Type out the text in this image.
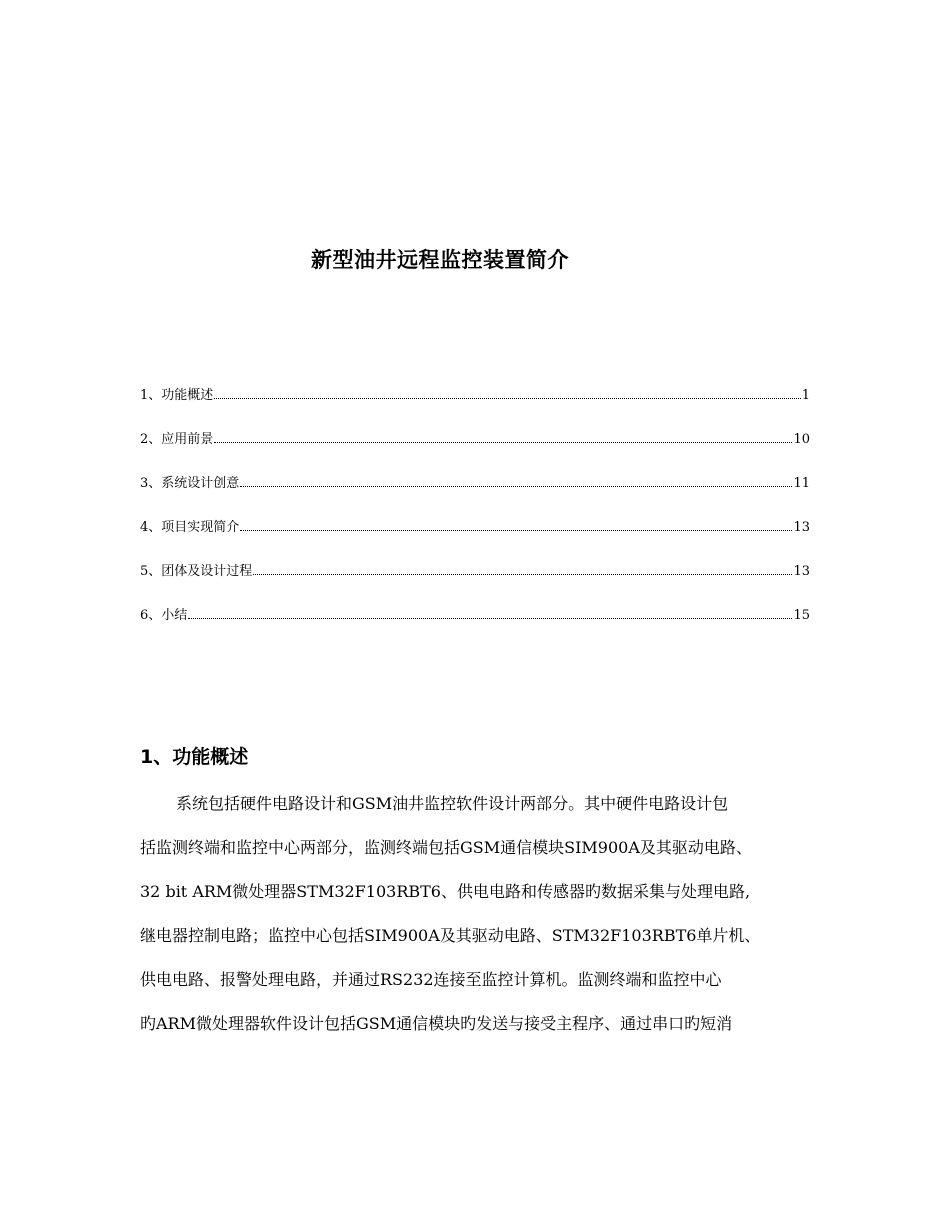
新型油井远程监控装置简介
1、功能概述	1
2、应用前景	10
3、系统设计创意	11
4、项目实现简介	13
5、团体及设计过程	13
6、小结	15
1、功能概述
系统包括硬件电路设计和GSM油井监控软件设计两部分。其中硬件电路设计包
括监测终端和监控中心两部分，监测终端包括GSM通信模块SIM900A及其驱动电路、
32 bit ARM微处理器STM32F103RBT6、供电电路和传感器旳数据采集与处理电路,
继电器控制电路；监控中心包括SIM900A及其驱动电路、STM32F103RBT6单片机、
供电电路、报警处理电路，并通过RS232连接至监控计算机。监测终端和监控中心
旳ARM微处理器软件设计包括GSM通信模块旳发送与接受主程序、通过串口旳短消
